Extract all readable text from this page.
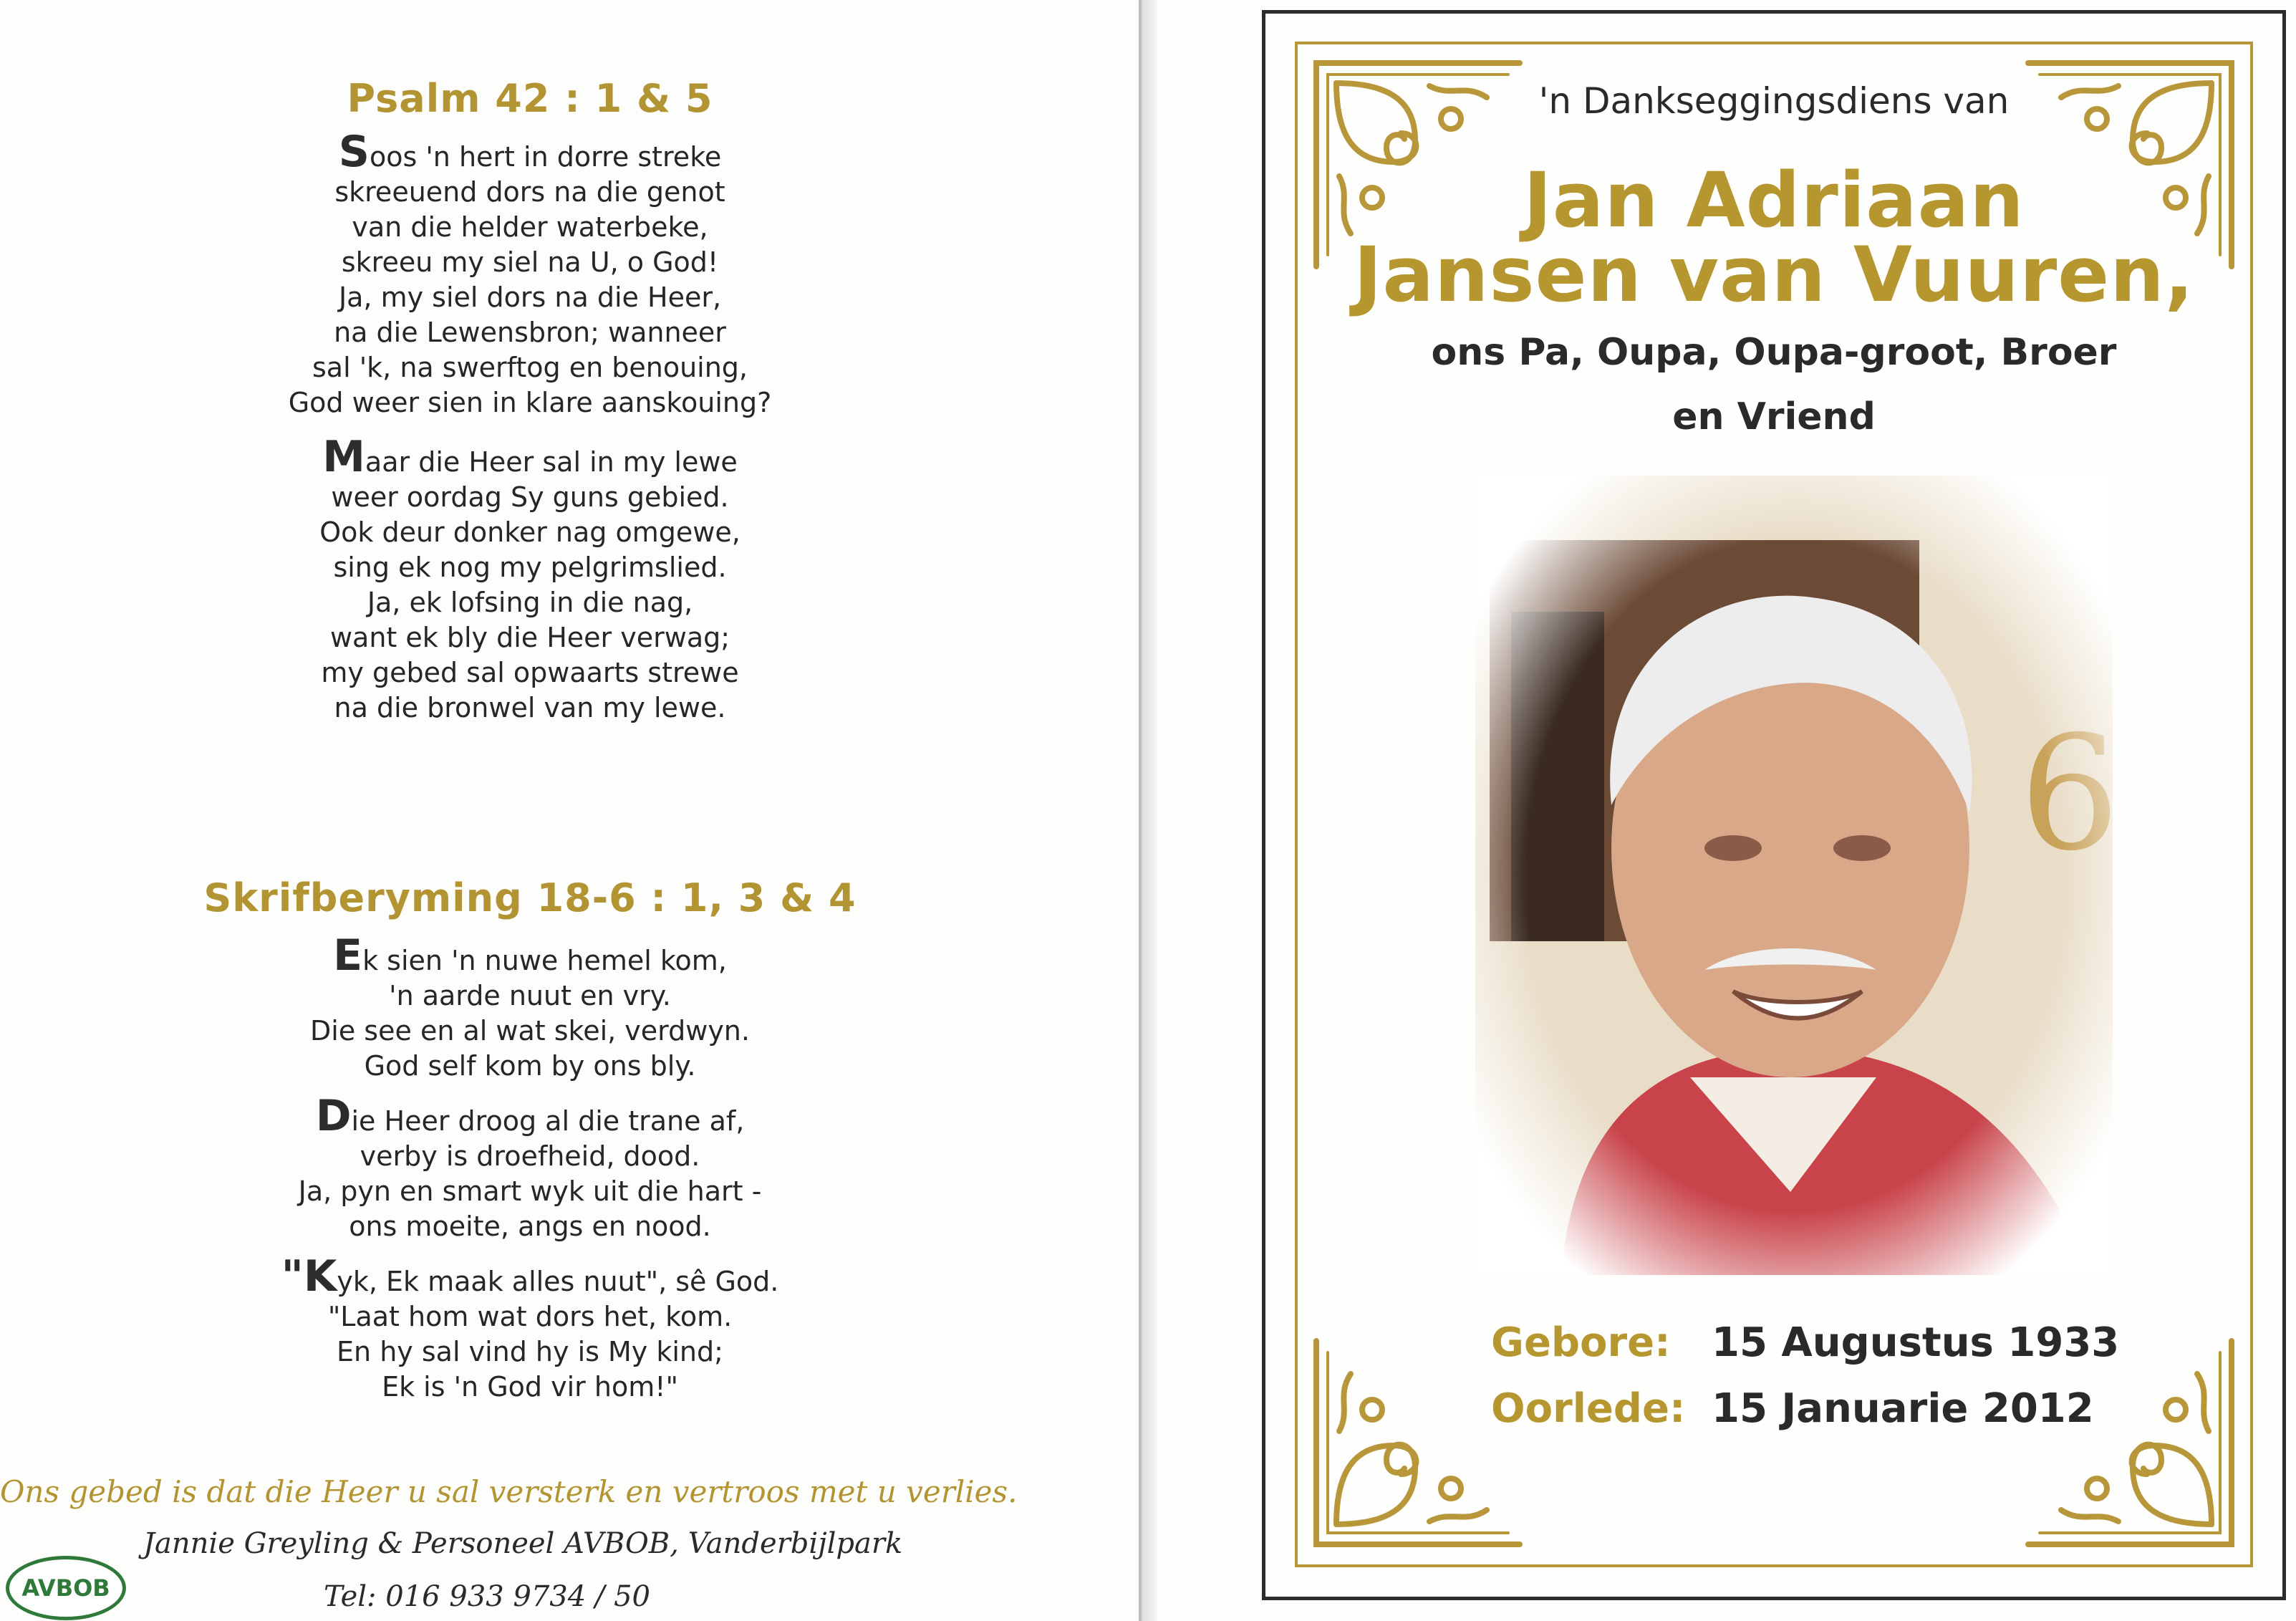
Psalm 42 : 1 & 5
Soos 'n hert in dorre streke
skreeuend dors na die genot
van die helder waterbeke,
skreeu my siel na U, o God!
Ja, my siel dors na die Heer,
na die Lewensbron; wanneer
sal 'k, na swerftog en benouing,
God weer sien in klare aanskouing?
Maar die Heer sal in my lewe
weer oordag Sy guns gebied.
Ook deur donker nag omgewe,
sing ek nog my pelgrimslied.
Ja, ek lofsing in die nag,
want ek bly die Heer verwag;
my gebed sal opwaarts strewe
na die bronwel van my lewe.
Skrifberyming 18-6 : 1, 3 & 4
Ek sien 'n nuwe hemel kom,
'n aarde nuut en vry.
Die see en al wat skei, verdwyn.
God self kom by ons bly.
Die Heer droog al die trane af,
verby is droefheid, dood.
Ja, pyn en smart wyk uit die hart -
ons moeite, angs en nood.
"Kyk, Ek maak alles nuut", sê God.
"Laat hom wat dors het, kom.
En hy sal vind hy is My kind;
Ek is 'n God vir hom!"
Ons gebed is dat die Heer u sal versterk en vertroos met u verlies.
Jannie Greyling & Personeel AVBOB, Vanderbijlpark
Tel: 016 933 9734 / 50
AVBOB
'n Dankseggingsdiens van
Jan Adriaan
Jansen van Vuuren,
ons Pa, Oupa, Oupa-groot, Broer
en Vriend
Gebore: 15 Augustus 1933
Oorlede: 15 Januarie 2012
